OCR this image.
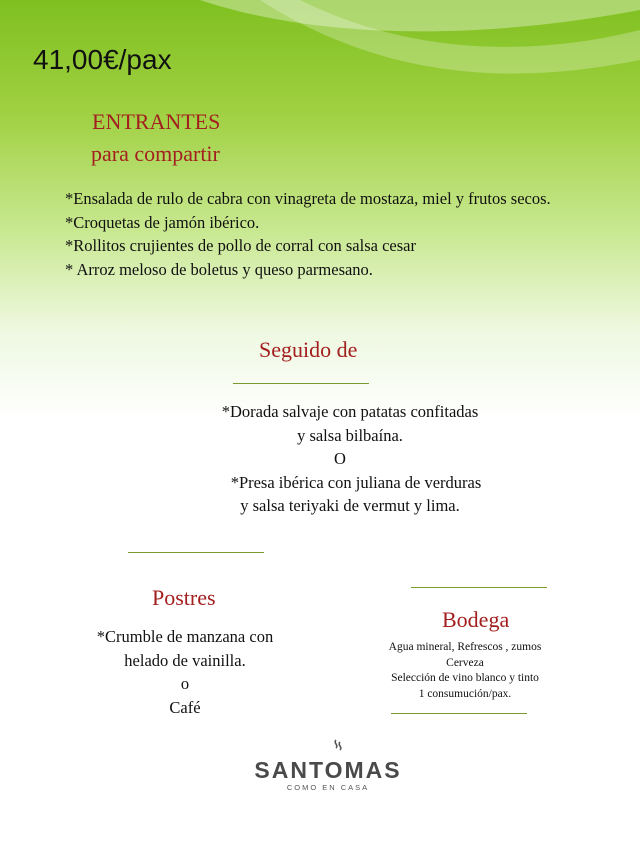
41,00€/pax
ENTRANTES
para compartir
*Ensalada de rulo de cabra con vinagreta de mostaza, miel y frutos secos.
*Croquetas de jamón ibérico.
*Rollitos crujientes de pollo de corral con salsa cesar
* Arroz meloso de boletus y queso parmesano.
Seguido de
*Dorada salvaje con patatas confitadas
y salsa bilbaína.
O
*Presa ibérica con juliana de verduras
y salsa teriyaki de vermut y lima.
Postres
*Crumble de manzana con
helado de vainilla.
o
Café
Bodega
Agua mineral, Refrescos , zumos
Cerveza
Selección de vino blanco y tinto
1 consumución/pax.
SANTOMAS
COMO EN CASA
